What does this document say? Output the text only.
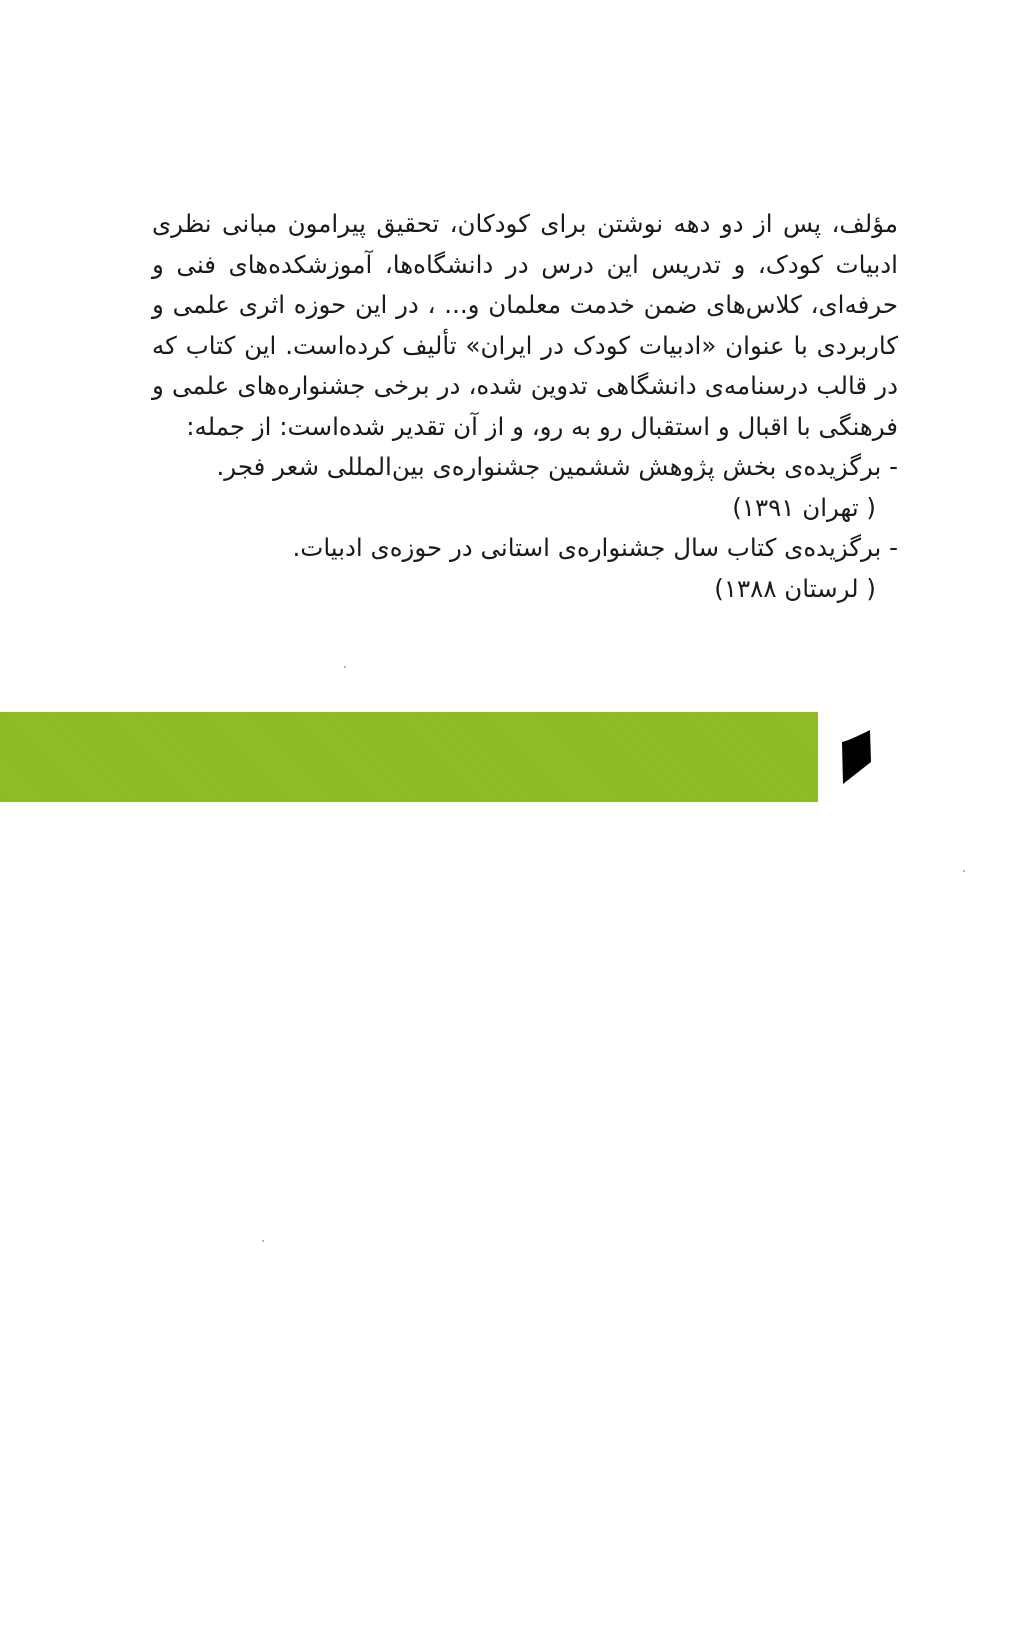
مؤلف، پس از دو دهه نوشتن برای کودکان، تحقیق پیرامون مبانی نظری ادبیات کودک، و تدریس این درس در دانشگاه‌ها، آموزشکده‌های فنی و حرفه‌ای، کلاس‌های ضمن خدمت معلمان و... ، در این حوزه اثری علمی و کاربردی با عنوان «ادبیات کودک در ایران» تألیف کرده‌است. این کتاب که در قالب درسنامه‌ی دانشگاهی تدوین شده، در برخی جشنواره‌های علمی و فرهنگی با اقبال و استقبال رو به رو، و از آن تقدیر شده‌است: از جمله:

- برگزیده‌ی بخش پژوهش ششمین جشنواره‌ی بین‌المللی شعر فجر.
( تهران ۱۳۹۱)
- برگزیده‌ی کتاب سال جشنواره‌ی استانی در حوزه‌ی ادبیات.
( لرستان ۱۳۸۸)
